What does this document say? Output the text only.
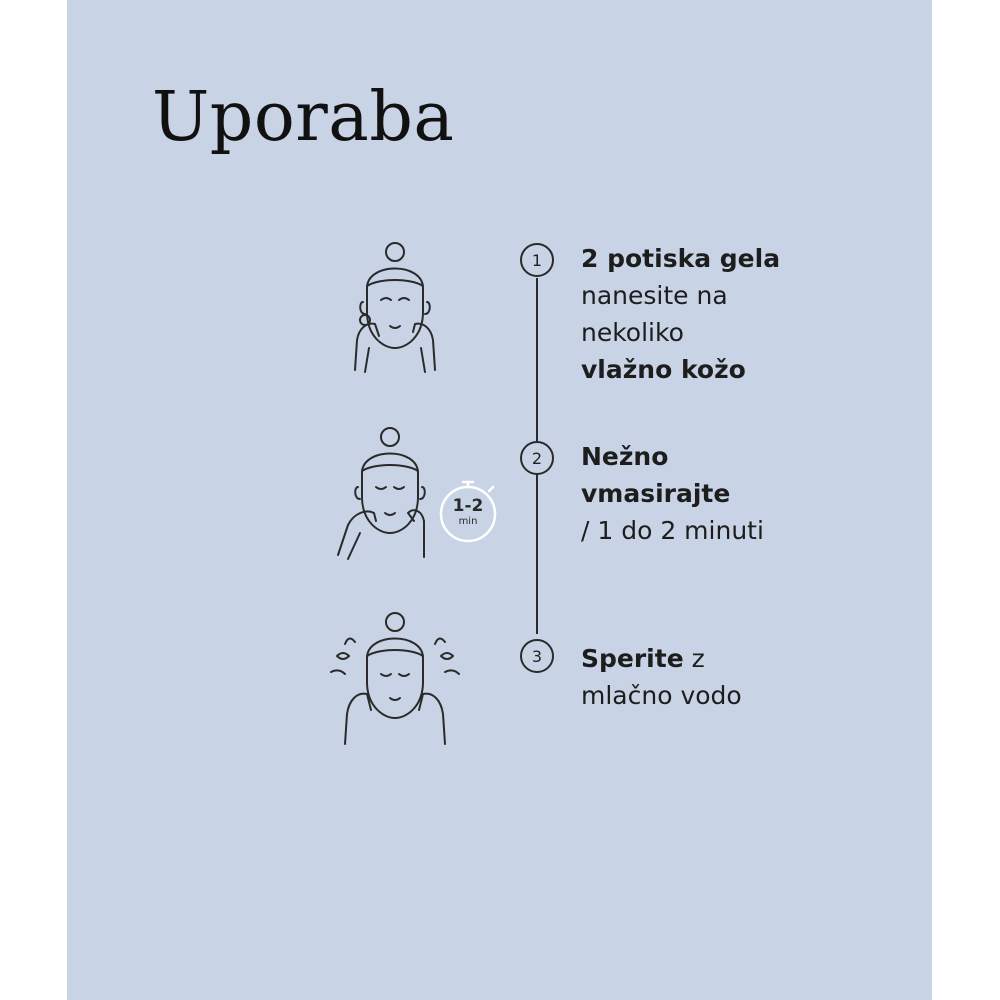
Uporaba
1	2 potiska gela
nanesite na
nekoliko
vlažno kožo
1-2
min
2	Nežno
vmasirajte
/ 1 do 2 minuti
3	Sperite z
mlačno vodo
